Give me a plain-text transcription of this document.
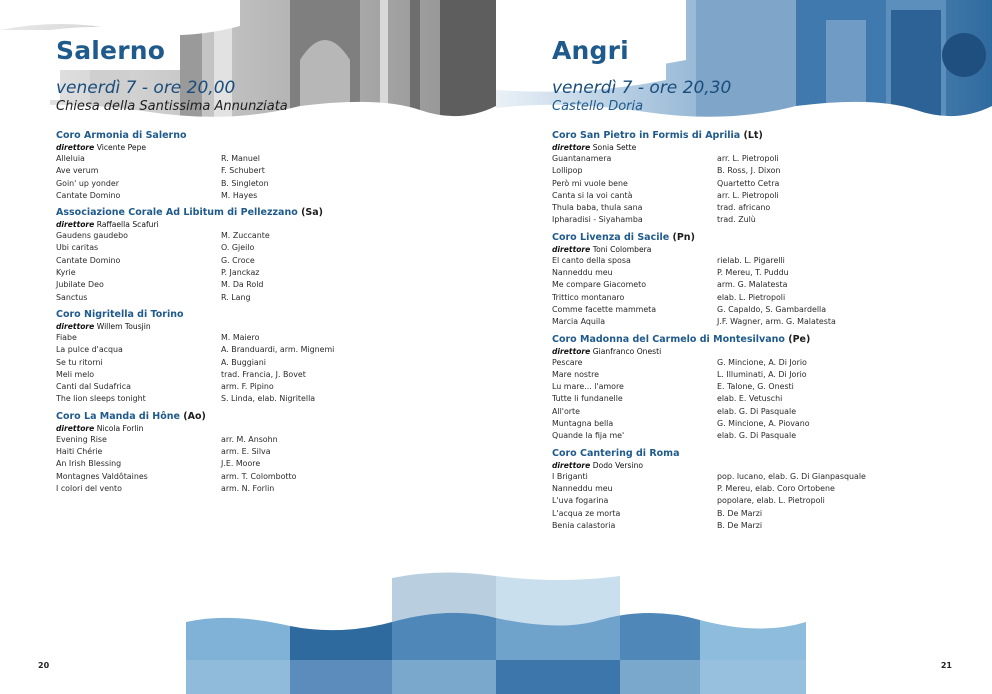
Salerno
venerdì 7 - ore 20,00
Chiesa della Santissima Annunziata
Coro Armonia di Salerno
direttore Vicente Pepe
Alleluia	R. Manuel
Ave verum	F. Schubert
Goin' up yonder	B. Singleton
Cantate Domino	M. Hayes
Associazione Corale Ad Libitum di Pellezzano (Sa)
direttore Raffaella Scafuri
Gaudens gaudebo	M. Zuccante
Ubi caritas	O. Gjeilo
Cantate Domino	G. Croce
Kyrie	P. Janckaz
Jubilate Deo	M. Da Rold
Sanctus	R. Lang
Coro Nigritella di Torino
direttore Willem Tousjin
Fiabe	M. Maiero
La pulce d'acqua	A. Branduardi, arm. Mignemi
Se tu ritorni	A. Buggiani
Meli melo	trad. Francia, J. Bovet
Canti dal Sudafrica	arm. F. Pipino
The lion sleeps tonight	S. Linda, elab. Nigritella
Coro La Manda di Hône (Ao)
direttore Nicola Forlin
Evening Rise	arr. M. Ansohn
Haiti Chérie	arm. E. Silva
An Irish Blessing	J.E. Moore
Montagnes Valdôtaines	arm. T. Colombotto
I colori del vento	arm. N. Forlin
20
Angri
venerdì 7 - ore 20,30
Castello Doria
Coro San Pietro in Formis di Aprilia (Lt)
direttore Sonia Sette
Guantanamera	arr. L. Pietropoli
Lollipop	B. Ross, J. Dixon
Però mi vuole bene	Quartetto Cetra
Canta si la voi cantà	arr. L. Pietropoli
Thula baba, thula sana	trad. africano
Ipharadisi - Siyahamba	trad. Zulù
Coro Livenza di Sacile (Pn)
direttore Toni Colombera
El canto della sposa	rielab. L. Pigarelli
Nanneddu meu	P. Mereu, T. Puddu
Me compare Giacometo	arm. G. Malatesta
Trittico montanaro	elab. L. Pietropoli
Comme facette mammeta	G. Capaldo, S. Gambardella
Marcia Aquila	J.F. Wagner, arm. G. Malatesta
Coro Madonna del Carmelo di Montesilvano (Pe)
direttore Gianfranco Onesti
Pescare	G. Mincione, A. Di Jorio
Mare nostre	L. Illuminati, A. Di Jorio
Lu mare... l'amore	E. Talone, G. Onesti
Tutte li fundanelle	elab. E. Vetuschi
All'orte	elab. G. Di Pasquale
Muntagna bella	G. Mincione, A. Piovano
Quande la fija me'	elab. G. Di Pasquale
Coro Cantering di Roma
direttore Dodo Versino
I Briganti	pop. lucano, elab. G. Di Gianpasquale
Nanneddu meu	P. Mereu, elab. Coro Ortobene
L'uva fogarina	popolare, elab. L. Pietropoli
L'acqua ze morta	B. De Marzi
Benia calastoria	B. De Marzi
21
